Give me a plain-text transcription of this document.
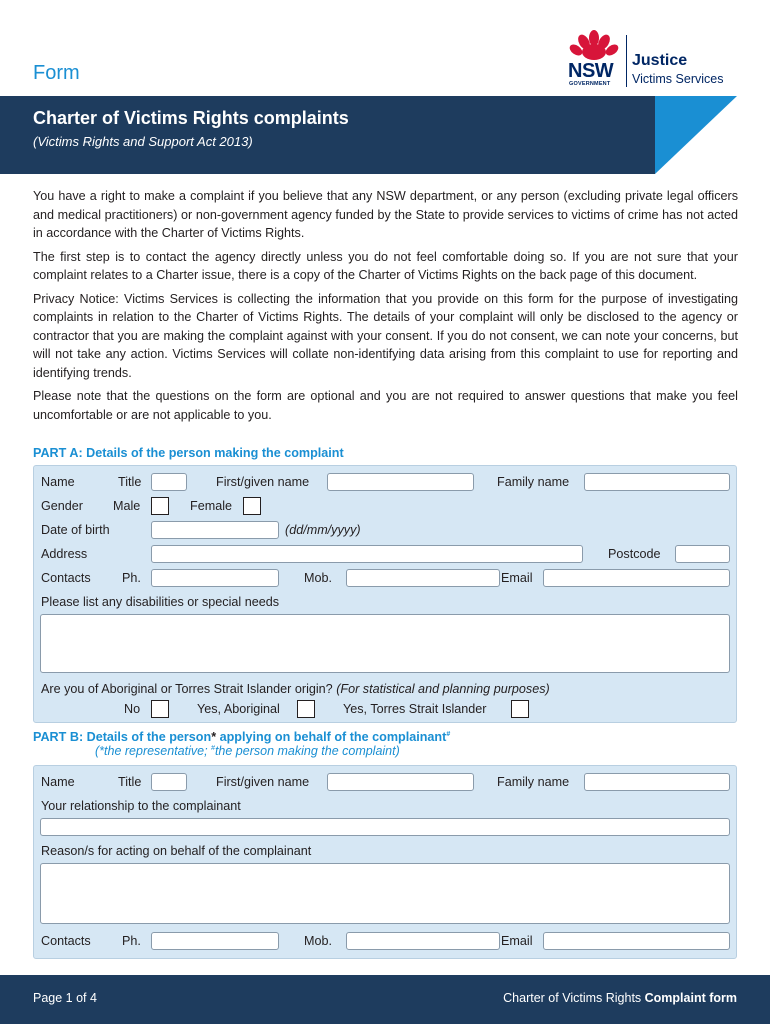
Form	NSW
GOVERNMENT
Justice
Victims Services
Charter of Victims Rights complaints
(Victims Rights and Support Act 2013)

You have a right to make a complaint if you believe that any NSW department, or any person (excluding private legal officers and medical practitioners) or non-government agency funded by the State to provide services to victims of crime has not acted in accordance with the Charter of Victims Rights.

The first step is to contact the agency directly unless you do not feel comfortable doing so. If you are not sure that your complaint relates to a Charter issue, there is a copy of the Charter of Victims Rights on the back page of this document.

Privacy Notice: Victims Services is collecting the information that you provide on this form for the purpose of investigating complaints in relation to the Charter of Victims Rights. The details of your complaint will only be disclosed to the agency or contractor that you are making the complaint against with your consent. If you do not consent, we can note your concerns, but will not take any action. Victims Services will collate non-identifying data arising from this complaint to use for reporting and identifying trends.

Please note that the questions on the form are optional and you are not required to answer questions that make you feel uncomfortable or are not applicable to you.

PART A: Details of the person making the complaint
Name	Title	First/given name	Family name
Gender Male	Female
Date of birth	(dd/mm/yyyy)
Address	Postcode
Contacts Ph.	Mob.	Email
Please list any disabilities or special needs
Are you of Aboriginal or Torres Strait Islander origin? (For statistical and planning purposes)
No	Yes, Aboriginal	Yes, Torres Strait Islander
PART B: Details of the person* applying on behalf of the complainant#
(*the representative; #the person making the complaint)
Name	Title	First/given name	Family name
Your relationship to the complainant
Reason/s for acting on behalf of the complainant
Contacts Ph.	Mob.	Email
Page 1 of 4	Charter of Victims Rights Complaint form
